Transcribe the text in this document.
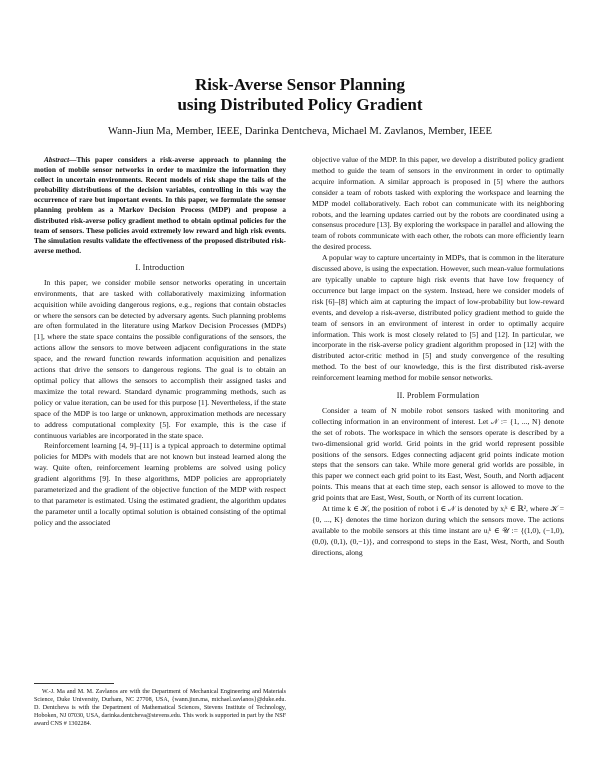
Risk-Averse Sensor Planning
using Distributed Policy Gradient
Wann-Jiun Ma, Member, IEEE, Darinka Dentcheva, Michael M. Zavlanos, Member, IEEE

Abstract—This paper considers a risk-averse approach to planning the motion of mobile sensor networks in order to maximize the information they collect in uncertain environments. Recent models of risk shape the tails of the probability distributions of the decision variables, controlling in this way the occurrence of rare but important events. In this paper, we formulate the sensor planning problem as a Markov Decision Process (MDP) and propose a distributed risk-averse policy gradient method to obtain optimal policies for the team of sensors. These policies avoid extremely low reward and high risk events. The simulation results validate the effectiveness of the proposed distributed risk-averse method.

I. Introduction

In this paper, we consider mobile sensor networks operating in uncertain environments, that are tasked with collaboratively maximizing information acquisition while avoiding dangerous regions, e.g., regions that contain obstacles or where the sensors can be detected by adversary agents. Such planning problems are often formulated in the literature using Markov Decision Processes (MDPs) [1], where the state space contains the possible configurations of the sensors, the actions allow the sensors to move between adjacent configurations in the state space, and the reward function rewards information acquisition and penalizes actions that drive the sensors to dangerous regions. The goal is to obtain an optimal policy that allows the sensors to accomplish their assigned tasks and maximize the total reward. Standard dynamic programming methods, such as policy or value iteration, can be used for this purpose [1]. Nevertheless, if the state space of the MDP is too large or unknown, approximation methods are necessary to address computational complexity [5]. For example, this is the case if continuous variables are incorporated in the state space.

Reinforcement learning [4, 9]–[11] is a typical approach to determine optimal policies for MDPs with models that are not known but instead learned along the way. Quite often, reinforcement learning problems are solved using policy gradient algorithms [9]. In these algorithms, MDP policies are appropriately parameterized and the gradient of the objective function of the MDP with respect to that parameter is estimated. Using the estimated gradient, the algorithm updates the parameter until a locally optimal solution is obtained consisting of the optimal policy and the associated

W.-J. Ma and M. M. Zavlanos are with the Department of Mechanical Engineering and Materials Science, Duke University, Durham, NC 27708, USA, {wann.jiun.ma, michael.zavlanos}@duke.edu. D. Dentcheva is with the Department of Mathematical Sciences, Stevens Institute of Technology, Hoboken, NJ 07030, USA, darinka.dentcheva@stevens.edu. This work is supported in part by the NSF award CNS # 1302284.

objective value of the MDP. In this paper, we develop a distributed policy gradient method to guide the team of sensors in the environment in order to optimally acquire information. A similar approach is proposed in [5] where the authors consider a team of robots tasked with exploring the workspace and learning the MDP model collaboratively. Each robot can communicate with its neighboring robots, and the learning updates carried out by the robots are coordinated using a consensus procedure [13]. By exploring the workspace in parallel and allowing the team of robots communicate with each other, the robots can more efficiently learn the desired process.

A popular way to capture uncertainty in MDPs, that is common in the literature discussed above, is using the expectation. However, such mean-value formulations are typically unable to capture high risk events that have low frequency of occurrence but large impact on the system. Instead, here we consider models of risk [6]–[8] which aim at capturing the impact of low-probability but low-reward events, and develop a risk-averse, distributed policy gradient method to guide the team of sensors in an environment of interest in order to optimally acquire information. This work is most closely related to [5] and [12]. In particular, we incorporate in the risk-averse policy gradient algorithm proposed in [12] with the distributed actor-critic method in [5] and study convergence of the resulting method. To the best of our knowledge, this is the first distributed risk-averse reinforcement learning method for mobile sensor networks.

II. Problem Formulation

Consider a team of N mobile robot sensors tasked with monitoring and collecting information in an environment of interest. Let 𝒩 := {1, ..., N} denote the set of robots. The workspace in which the sensors operate is described by a two-dimensional grid world. Grid points in the grid world represent possible positions of the sensors. Edges connecting adjacent grid points indicate motion steps that the sensors can take. While more general grid worlds are possible, in this paper we connect each grid point to its East, West, South, and North adjacent points. This means that at each time step, each sensor is allowed to move to the grid points that are East, West, South, or North of its current location.

At time k ∈ 𝒦, the position of robot i ∈ 𝒩 is denoted by xᵢᵏ ∈ ℝ², where 𝒦 = {0, ..., K} denotes the time horizon during which the sensors move. The actions available to the mobile sensors at this time instant are uᵢᵏ ∈ 𝒰 := {(1,0), (−1,0), (0,0), (0,1), (0,−1)}, and correspond to steps in the East, West, North, and South directions, along
